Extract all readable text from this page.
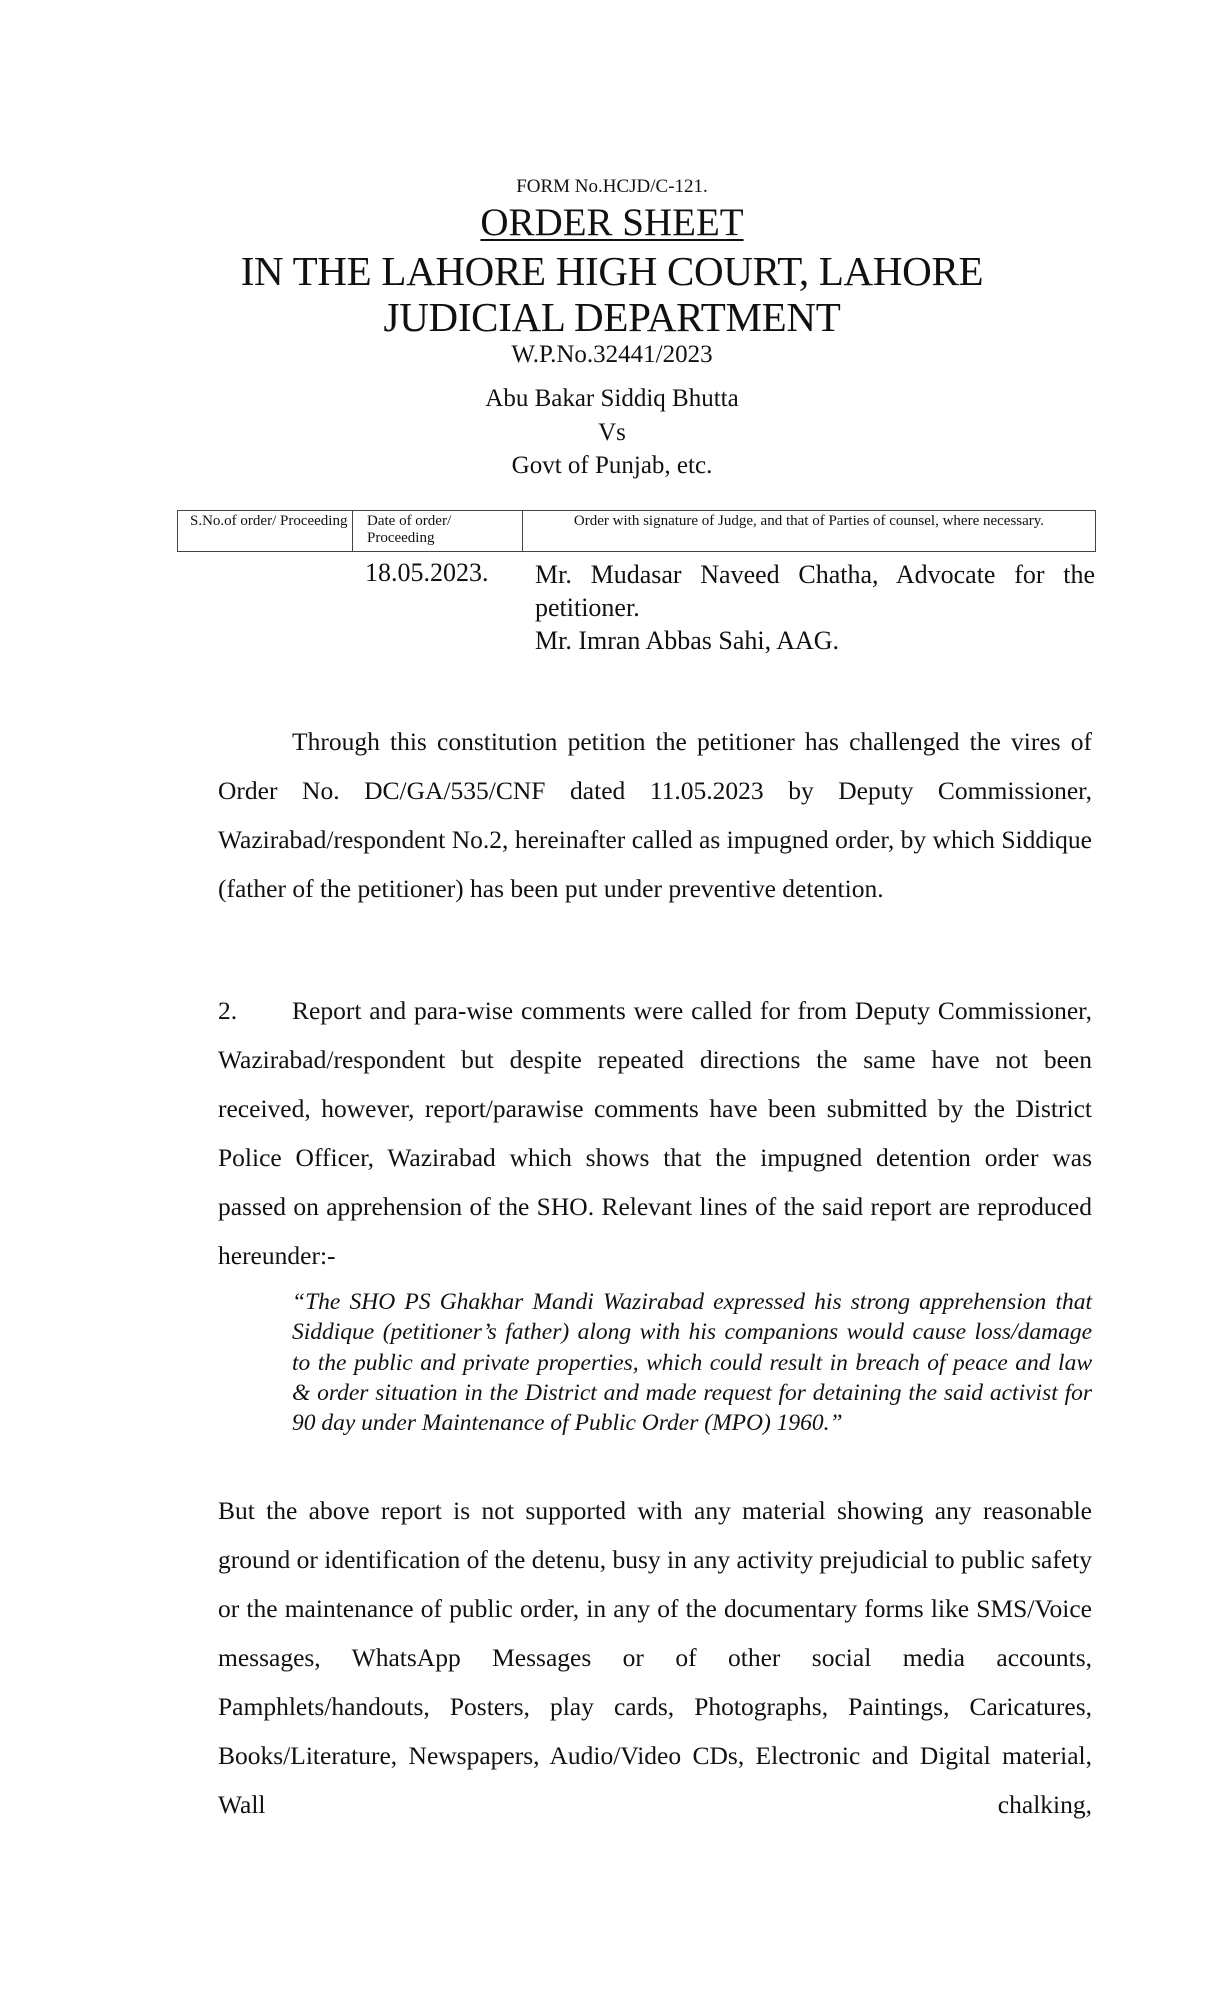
FORM No.HCJD/C-121.
ORDER SHEET
IN THE LAHORE HIGH COURT, LAHORE
JUDICIAL DEPARTMENT
W.P.No.32441/2023
Abu Bakar Siddiq Bhutta
Vs
Govt of Punjab, etc.
S.No.of order/ Proceeding	Date of order/ Proceeding
Order with signature of Judge, and that of Parties of counsel, where necessary.
18.05.2023. Mr. Mudasar Naveed Chatha, Advocate for the
petitioner.
Mr. Imran Abbas Sahi, AAG.
Through this constitution petition the petitioner has challenged the vires of Order No. DC/GA/535/CNF dated 11.05.2023 by Deputy Commissioner, Wazirabad/respondent No.2, hereinafter called as impugned order, by which Siddique (father of the petitioner) has been put under preventive detention.
2. Report and para-wise comments were called for from Deputy Commissioner, Wazirabad/respondent but despite repeated directions the same have not been received, however, report/parawise comments have been submitted by the District Police Officer, Wazirabad which shows that the impugned detention order was passed on apprehension of the SHO. Relevant lines of the said report are reproduced hereunder:-
“The SHO PS Ghakhar Mandi Wazirabad expressed his strong apprehension that Siddique (petitioner’s father) along with his companions would cause loss/damage to the public and private properties, which could result in breach of peace and law & order situation in the District and made request for detaining the said activist for 90 day under Maintenance of Public Order (MPO) 1960.”
But the above report is not supported with any material showing any reasonable ground or identification of the detenu, busy in any activity prejudicial to public safety or the maintenance of public order, in any of the documentary forms like SMS/Voice messages, WhatsApp Messages or of other social media accounts, Pamphlets/handouts, Posters, play cards, Photographs, Paintings, Caricatures, Books/Literature, Newspapers, Audio/Video CDs, Electronic and Digital material, Wall chalking,
